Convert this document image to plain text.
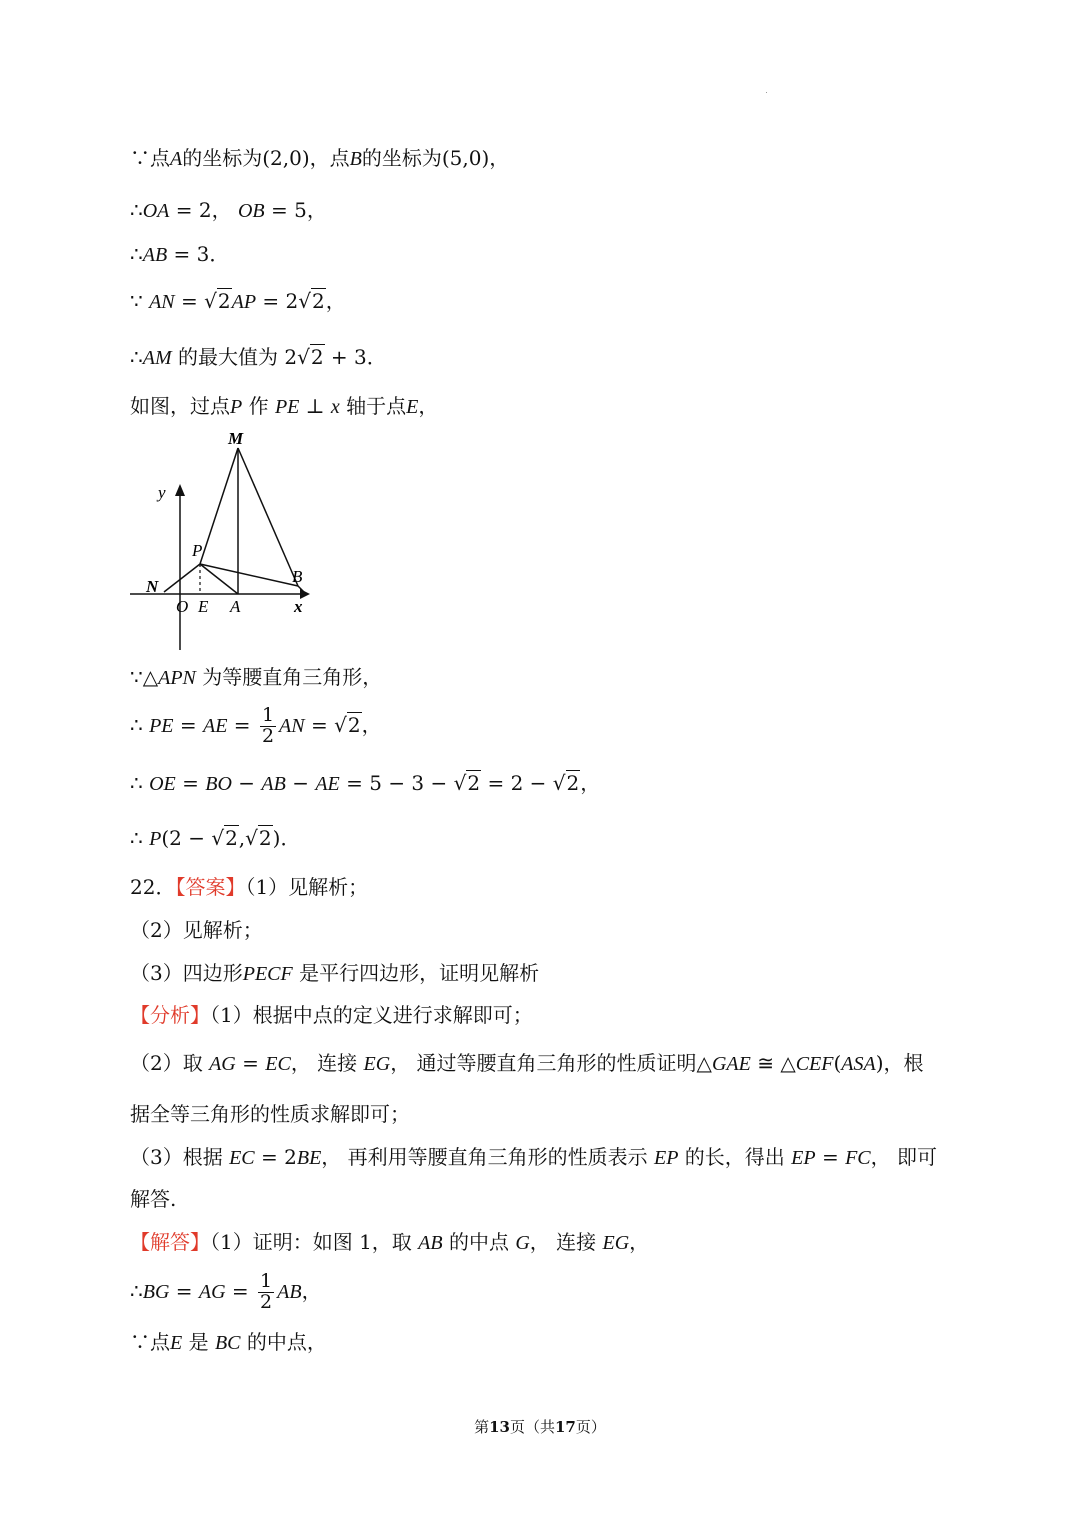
∵点A的坐标为(2,0)，点B的坐标为(5,0)，
∴OA = 2， OB = 5，
∴AB = 3．
∵ AN = √2AP = 2√2，
∴AM 的最大值为 2√2 + 3．
如图，过点P 作 PE ⊥ x 轴于点E，
M
y
P
B
N
O E A	x
∵△APN 为等腰直角三角形，
∴ PE = AE = $\frac{1}{2}$ AN = √2，
∴ OE = BO − AB − AE = 5 − 3 − √2 = 2 − √2，
∴ P(2 − √2,√2)．
22．【答案】（1）见解析；
（2）见解析；
（3）四边形PECF 是平行四边形，证明见解析
【分析】（1）根据中点的定义进行求解即可；
（2）取 AG = EC， 连接 EG， 通过等腰直角三角形的性质证明△GAE ≅ △CEF(ASA)，根
据全等三角形的性质求解即可；
（3）根据 EC = 2BE， 再利用等腰直角三角形的性质表示 EP 的长，得出 EP = FC， 即可
解答.
【解答】（1）证明：如图 1，取 AB 的中点 G， 连接 EG，
∴BG = AG = $\frac{1}{2}$ AB，
∵点E 是 BC 的中点，
第13页（共17页）
